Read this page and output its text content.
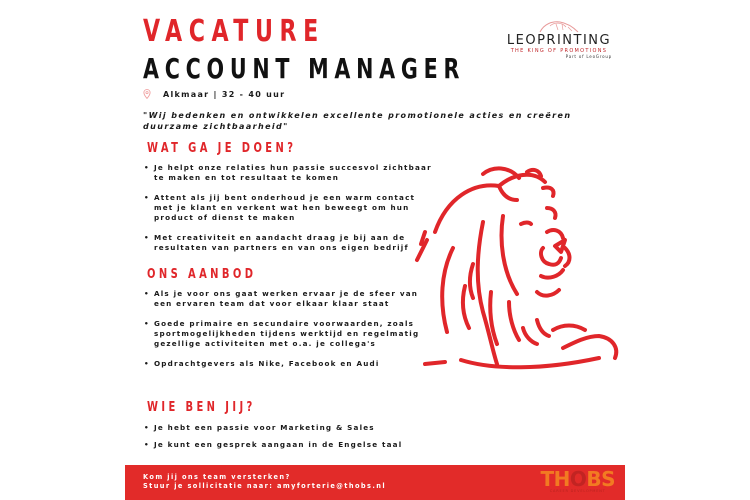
VACATURE
ACCOUNT MANAGER
Alkmaar | 32 - 40 uur
"Wij bedenken en ontwikkelen excellente promotionele acties en creëren duurzame zichtbaarheid"
LEOPRINTING
THE KING OF PROMOTIONS
Part of LeoGroup
WAT GA JE DOEN?
• Je helpt onze relaties hun passie succesvol zichtbaar te maken en tot resultaat te komen
• Attent als jij bent onderhoud je een warm contact met je klant en verkent wat hen beweegt om hun product of dienst te maken
• Met creativiteit en aandacht draag je bij aan de resultaten van partners en van ons eigen bedrijf
ONS AANBOD
• Als je voor ons gaat werken ervaar je de sfeer van een ervaren team dat voor elkaar klaar staat
• Goede primaire en secundaire voorwaarden, zoals sportmogelijkheden tijdens werktijd en regelmatig gezellige activiteiten met o.a. je collega's
• Opdrachtgevers als Nike, Facebook en Audi
WIE BEN JIJ?
• Je hebt een passie voor Marketing & Sales
• Je kunt een gesprek aangaan in de Engelse taal
Kom jij ons team versterken?
Stuur je sollicitatie naar: amyforterie@thobs.nl	THOBS
CAREER DEVELOPMENT
